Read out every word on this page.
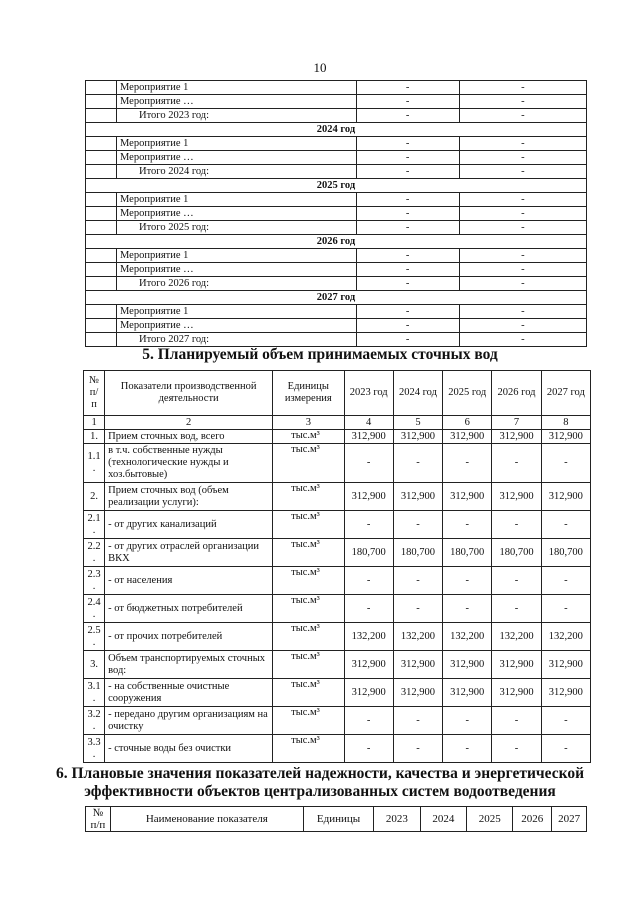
10
	Мероприятие 1	-	-
	Мероприятие …	-	-
	Итого 2023 год:	-	-
2024 год			
	Мероприятие 1	-	-
	Мероприятие …	-	-
	Итого 2024 год:	-	-
2025 год			
	Мероприятие 1	-	-
	Мероприятие …	-	-
	Итого 2025 год:	-	-
2026 год			
	Мероприятие 1	-	-
	Мероприятие …	-	-
	Итого 2026 год:	-	-
2027 год			
	Мероприятие 1	-	-
	Мероприятие …	-	-
	Итого 2027 год:	-	-
5. Планируемый объем принимаемых сточных вод
№ п/п	Показатели производственной деятельности	Единицы измерения	2023 год	2024 год	2025 год	2026 год	2027 год
1	2	3	4	5	6	7	8
1.	Прием сточных вод, всего	тыс.м³	312,900	312,900	312,900	312,900	312,900
1.1 .	в т.ч. собственные нужды (технологические нужды и хоз.бытовые)	тыс.м³	-	-	-	-	-
2.	Прием сточных вод (объем реализации услуги):	тыс.м³	312,900	312,900	312,900	312,900	312,900
2.1 .	- от других канализаций	тыс.м³	-	-	-	-	-
2.2 .	- от других отраслей организации ВКХ	тыс.м³	180,700	180,700	180,700	180,700	180,700
2.3 .	- от населения	тыс.м³	-	-	-	-	-
2.4 .	- от бюджетных потребителей	тыс.м³	-	-	-	-	-
2.5 .	- от прочих потребителей	тыс.м³	132,200	132,200	132,200	132,200	132,200
3.	Объем транспортируемых сточных вод:	тыс.м³	312,900	312,900	312,900	312,900	312,900
3.1 .	- на собственные очистные сооружения	тыс.м³	312,900	312,900	312,900	312,900	312,900
3.2 .	- передано другим организациям на очистку	тыс.м³	-	-	-	-	-
3.3 .	- сточные воды без очистки	тыс.м³	-	-	-	-	-
6. Плановые значения показателей надежности, качества и энергетической
эффективности объектов централизованных систем водоотведения
№ п/п	Наименование показателя	Единицы	2023	2024	2025	2026	2027
